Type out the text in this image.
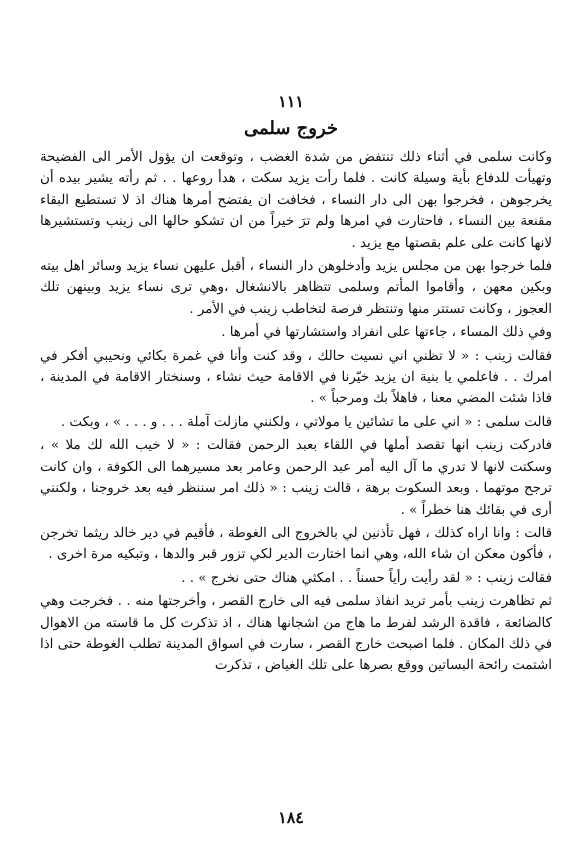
١١١
خروج سلمى

وكانت سلمى في أثناء ذلك تنتفض من شدة الغضب ، وتوقعت ان يؤول الأمر الى الفضيحة وتهيأت للدفاع بأية وسيلة كانت . فلما رأت يزيد سكت ، هدأ روعها . . ثم رأته يشير بيده أن يخرجوهن ، فخرجوا بهن الى دار النساء ، فخافت ان يفتضح أمرها هناك اذ لا تستطيع البقاء مقنعة بين النساء ، فاحتارت في امرها ولم ترَ خيراً من ان تشكو حالها الى زينب وتستشيرها لانها كانت على علم بقصتها مع يزيد .

فلما خرجوا بهن من مجلس يزيد وأدخلوهن دار النساء ، أقبل عليهن نساء يزيد وسائر اهل بيته وبكين معهن ، وأقاموا المأتم وسلمى تتظاهر بالانشغال ،وهي ترى نساء يزيد وبينهن تلك العجوز ، وكانت تستتر منها وتنتظر فرصة لتخاطب زينب في الأمر .

وفي ذلك المساء ، جاءتها على انفراد واستشارتها في أمرها .

فقالت زينب : « لا تظني اني نسيت حالك ، وقد كنت وأنا في غمرة بكائي ونحيبي أفكر في امرك . . فاعلمي يا بنية ان يزيد خيّرنا في الاقامة حيث نشاء ، وسنختار الاقامة في المدينة ، فاذا شئت المضي معنا ، فاهلاً بك ومرحباً » .

قالت سلمى : « اني على ما تشائين يا مولاتي ، ولكنني مازلت آملة . . . و . . . » ، وبكت .

فادركت زينب انها تقصد أملها في اللقاء بعبد الرحمن فقالت : « لا خيب الله لك ملا » ، وسكتت لانها لا تدري ما آل اليه أمر عبد الرحمن وعامر بعد مسيرهما الى الكوفة ، وان كانت ترجح موتهما . وبعد السكوت برهة ، قالت زينب : « ذلك امر سننظر فيه بعد خروجنا ، ولكنني أرى في بقائك هنا خطراً » .

قالت : وانا اراه كذلك ، فهل تأذنين لي بالخروج الى الغوطة ، فأقيم في دير خالد ريثما تخرجن ، فأكون معكن ان شاء الله، وهي انما اختارت الدير لكي تزور قبر والدها ، وتبكيه مرة اخرى .

فقالت زينب : « لقد رأيت رأياً حسناً . . امكثي هناك حتى نخرج » . .

ثم تظاهرت زينب بأمر تريد انفاذ سلمى فيه الى خارج القصر ، وأخرجتها منه . . فخرجت وهي كالضائعة ، فاقدة الرشد لفرط ما هاج من اشجانها هناك ، اذ تذكرت كل ما قاسته من الاهوال في ذلك المكان . فلما اصبحت خارج القصر ، سارت في اسواق المدينة تطلب الغوطة حتى اذا اشتمت رائحة البساتين ووقع بصرها على تلك الغياض ، تذكرت

١٨٤
